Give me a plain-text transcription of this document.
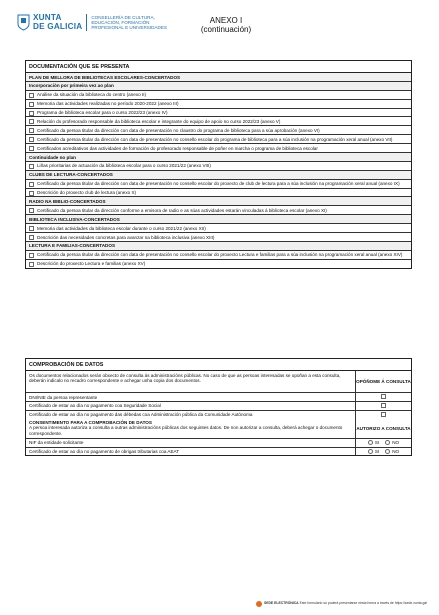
XUNTA
DE GALICIA
CONSELLERÍA DE CULTURA,
EDUCACIÓN, FORMACIÓN
PROFESIONAL E UNIVERSIDADES
ANEXO I
(continuación)
DOCUMENTACIÓN QUE SE PRESENTA
PLAN DE MELLORA DE BIBLIOTECAS ESCOLARES-CONCERTADOS
Incorporación por primeira vez ao plan
Análise da situación da biblioteca do centro (anexo II)
Memoria das actividades realizadas no período 2020-2022 (anexo III)
Programa de biblioteca escolar para o curso 2022/23 (anexo IV)
Relación do profesorado responsable da biblioteca escolar e integrante do equipo de apoio no curso 2022/23 (anexo V)
Certificado da persoa titular da dirección con data de presentación no claustro do programa de biblioteca para a súa aprobación (anexo VI)
Certificado da persoa titular da dirección con data de presentación no consello escolar do programa de biblioteca para a súa inclusión na programación xeral anual (anexo VII)
Certificados acreditativos das actividades de formación do profesorado responsable de poñer en marcha o programa de biblioteca escolar
Continuidade no plan
Liñas prioritarias de actuación da biblioteca escolar para o curso 2021/22 (anexo VIII)
CLUBS DE LECTURA-CONCERTADOS
Certificado da persoa titular da dirección con data de presentación no consello escolar do proxecto de club de lectura para a súa inclusión na programación xeral anual (anexo IX)
Descrición do proxecto club de lectura (anexo X)
RADIO NA BIBLIO-CONCERTADOS
Certificado da persoa titular da dirección conforme a emisora de radio e as súas actividades estarán vinculadas á biblioteca escolar (anexo XI)
BIBLIOTECA INCLUSIVA-CONCERTADOS
Memoria das actividades da biblioteca escolar durante o curso 2021/22 (anexo XII)
Descrición das necesidades concretas para avanzar na biblioteca inclusiva (anexo XIII)
LECTURA E FAMILIAS-CONCERTADOS
Certificado da persoa titular da dirección con data de presentación no consello escolar do proxecto Lectura e familias para a súa inclusión na programación xeral anual (anexo XIV)
Descrición do proxecto Lectura e familias (anexo XV)
COMPROBACIÓN DE DATOS
Os documentos relacionados serán obxecto de consulta ás administracións públicas. No caso de que as persoas interesadas se opoñan a esta consulta, deberán indicalo no recadro correspondente e achegar unha copia dos documentos.	OPÓÑOME Á CONSULTA
DNI/NIE da persoa representante
Certificado de estar ao día no pagamento coa Seguridade Social
Certificado de estar ao día no pagamento das débedas coa Administración pública da Comunidade Autónoma
CONSENTIMENTO PARA A COMPROBACIÓN DE DATOS
A persoa interesada autoriza a consulta a outras administracións públicas dos seguintes datos. De non autorizar a consulta, deberá achegar o documento correspondente.
AUTORIZO A CONSULTA
NIF da entidade solicitante	SI	NO
Certificado de estar ao día no pagamento de obrigas tributarias coa AEAT	SI	NO
SEDE ELECTRÓNICA Este formulario só poderá presentarse nesta forma a través de https://sede.xunta.gal
